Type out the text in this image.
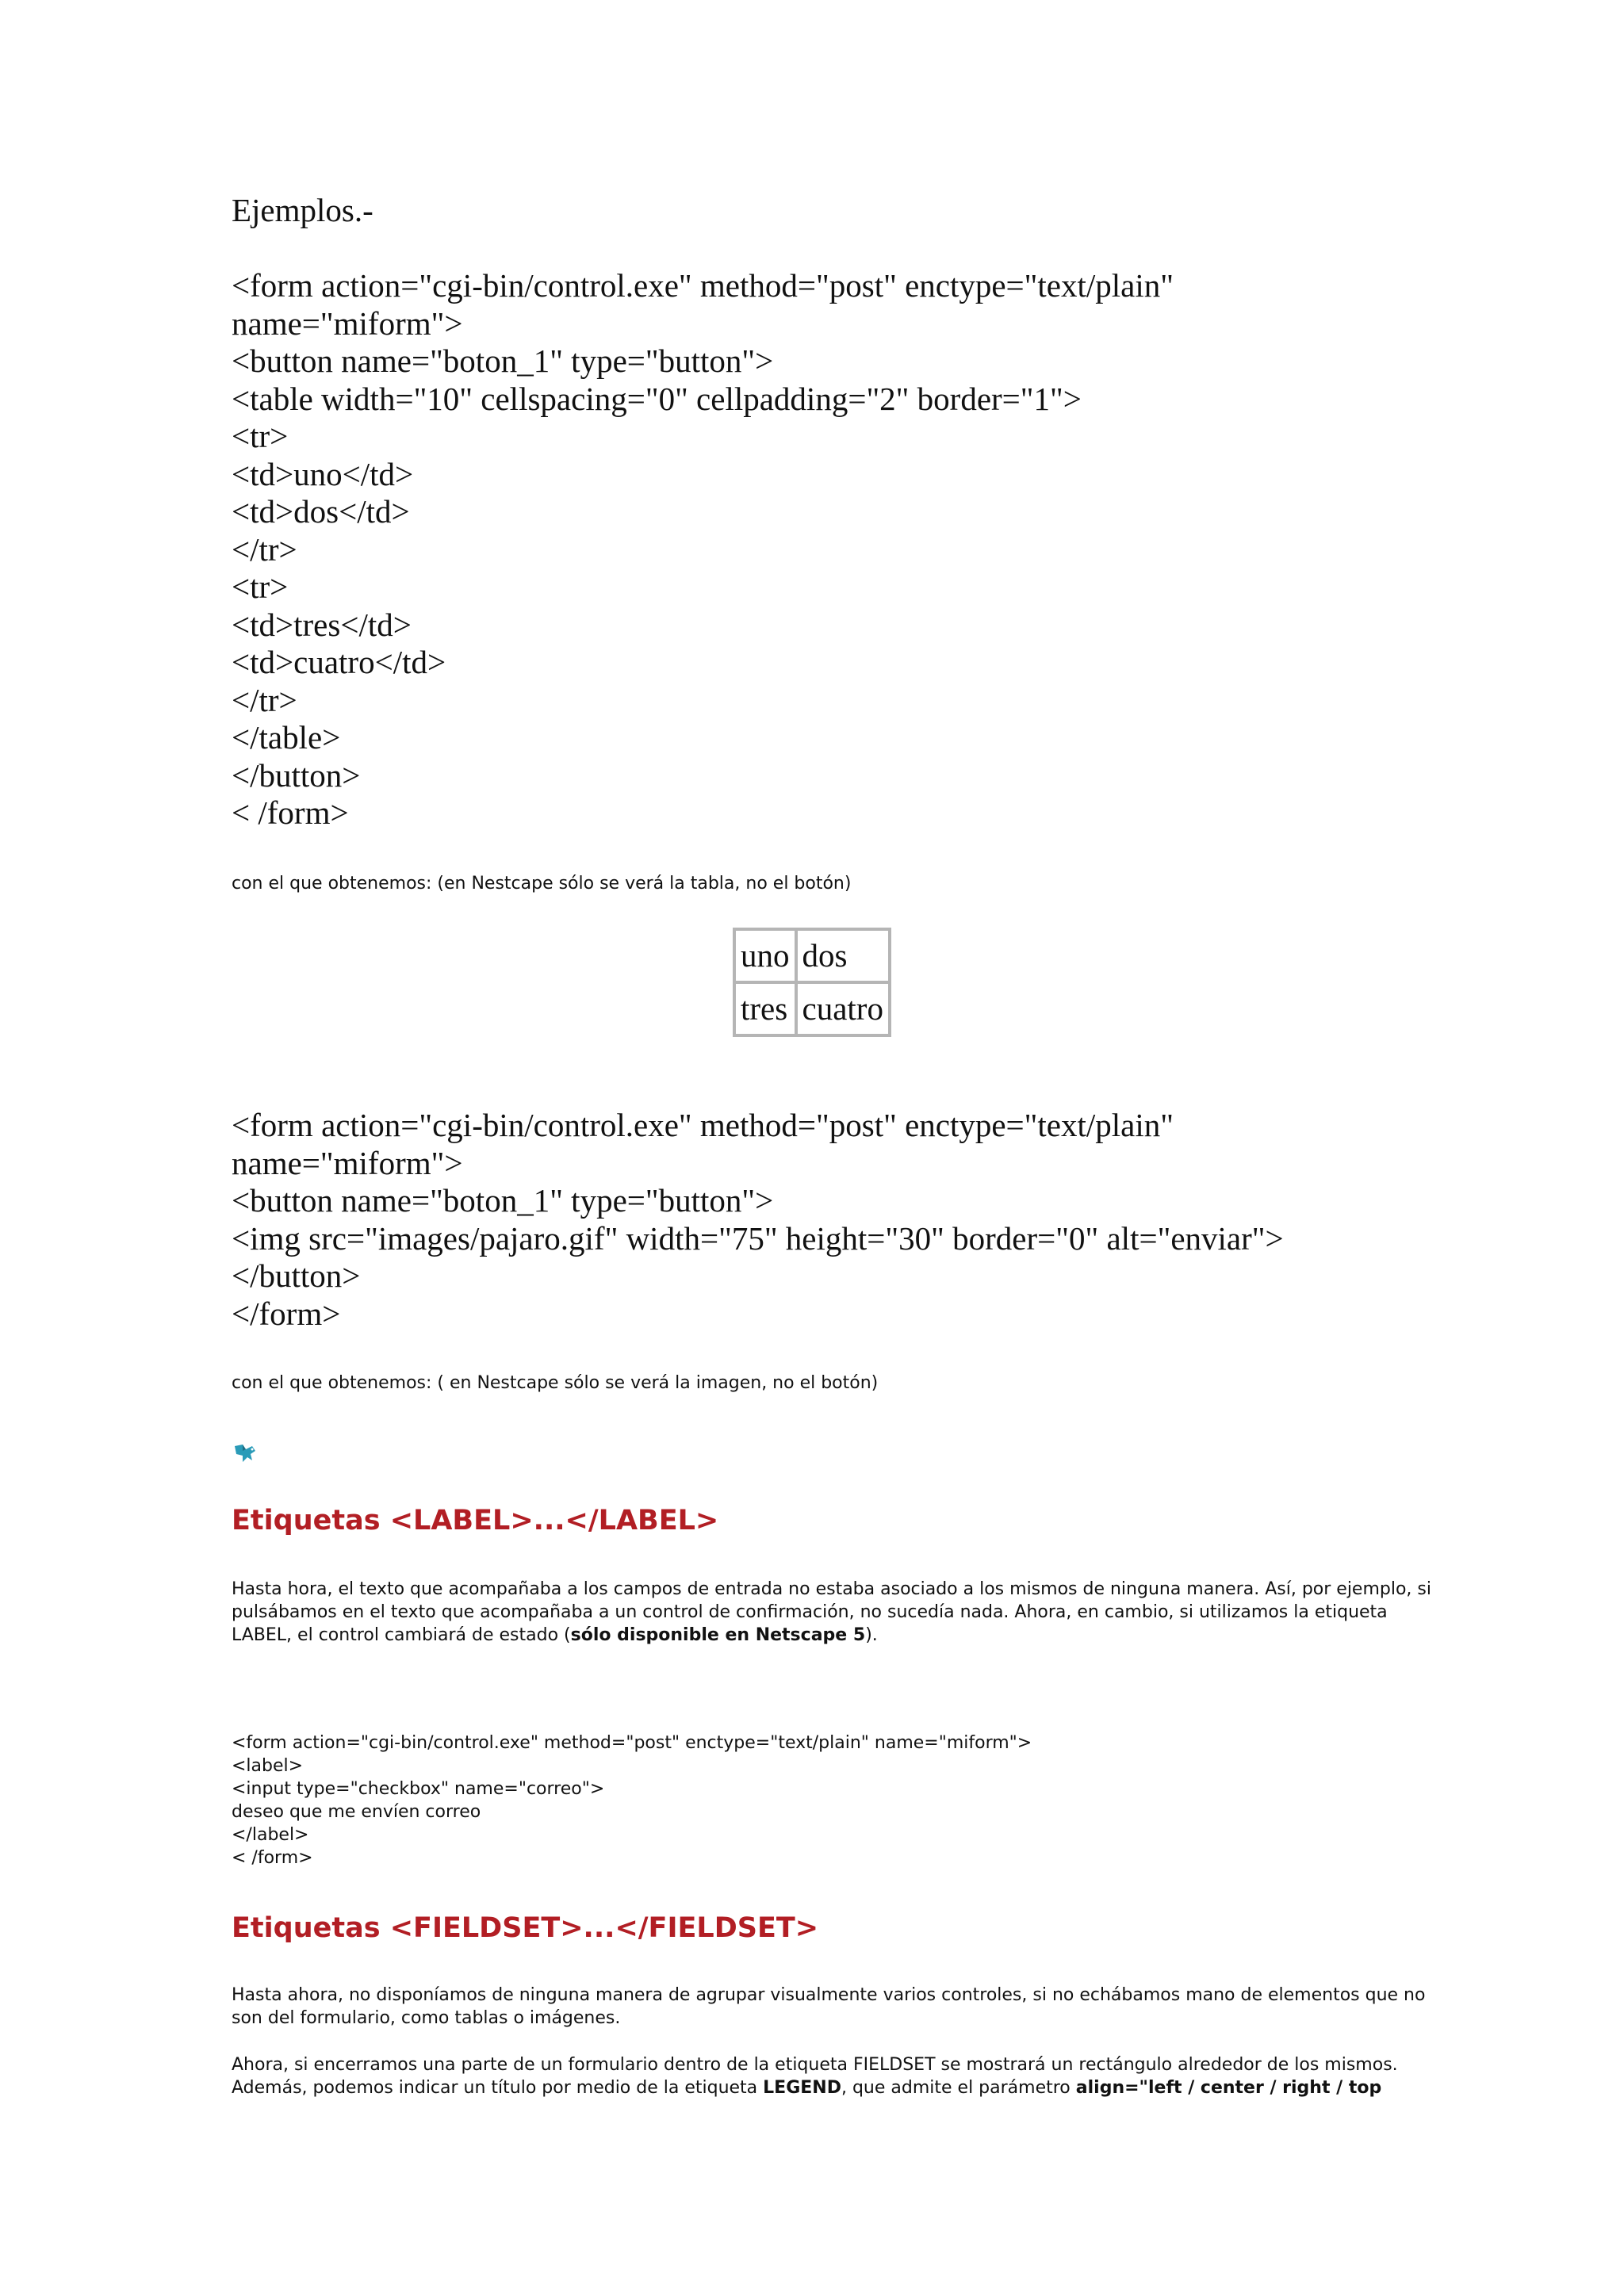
Ejemplos.-
<form action="cgi-bin/control.exe" method="post" enctype="text/plain"
name="miform">
<button name="boton_1" type="button">
<table width="10" cellspacing="0" cellpadding="2" border="1">
<tr>
<td>uno</td>
<td>dos</td>
</tr>
<tr>
<td>tres</td>
<td>cuatro</td>
</tr>
</table>
</button>
< /form>
con el que obtenemos: (en Nestcape sólo se verá la tabla, no el botón)
uno	dos
tres	cuatro
<form action="cgi-bin/control.exe" method="post" enctype="text/plain"
name="miform">
<button name="boton_1" type="button">
<img src="images/pajaro.gif" width="75" height="30" border="0" alt="enviar">
</button>
</form>
con el que obtenemos: ( en Nestcape sólo se verá la imagen, no el botón)
Etiquetas <LABEL>...</LABEL>
Hasta hora, el texto que acompañaba a los campos de entrada no estaba asociado a los mismos de ninguna manera. Así, por ejemplo, si
pulsábamos en el texto que acompañaba a un control de confirmación, no sucedía nada. Ahora, en cambio, si utilizamos la etiqueta
LABEL, el control cambiará de estado (sólo disponible en Netscape 5).
<form action="cgi-bin/control.exe" method="post" enctype="text/plain" name="miform">
<label>
<input type="checkbox" name="correo">
deseo que me envíen correo
</label>
< /form>
Etiquetas <FIELDSET>...</FIELDSET>
Hasta ahora, no disponíamos de ninguna manera de agrupar visualmente varios controles, si no echábamos mano de elementos que no
son del formulario, como tablas o imágenes.
Ahora, si encerramos una parte de un formulario dentro de la etiqueta FIELDSET se mostrará un rectángulo alrededor de los mismos.
Además, podemos indicar un título por medio de la etiqueta LEGEND, que admite el parámetro align="left / center / right / top
